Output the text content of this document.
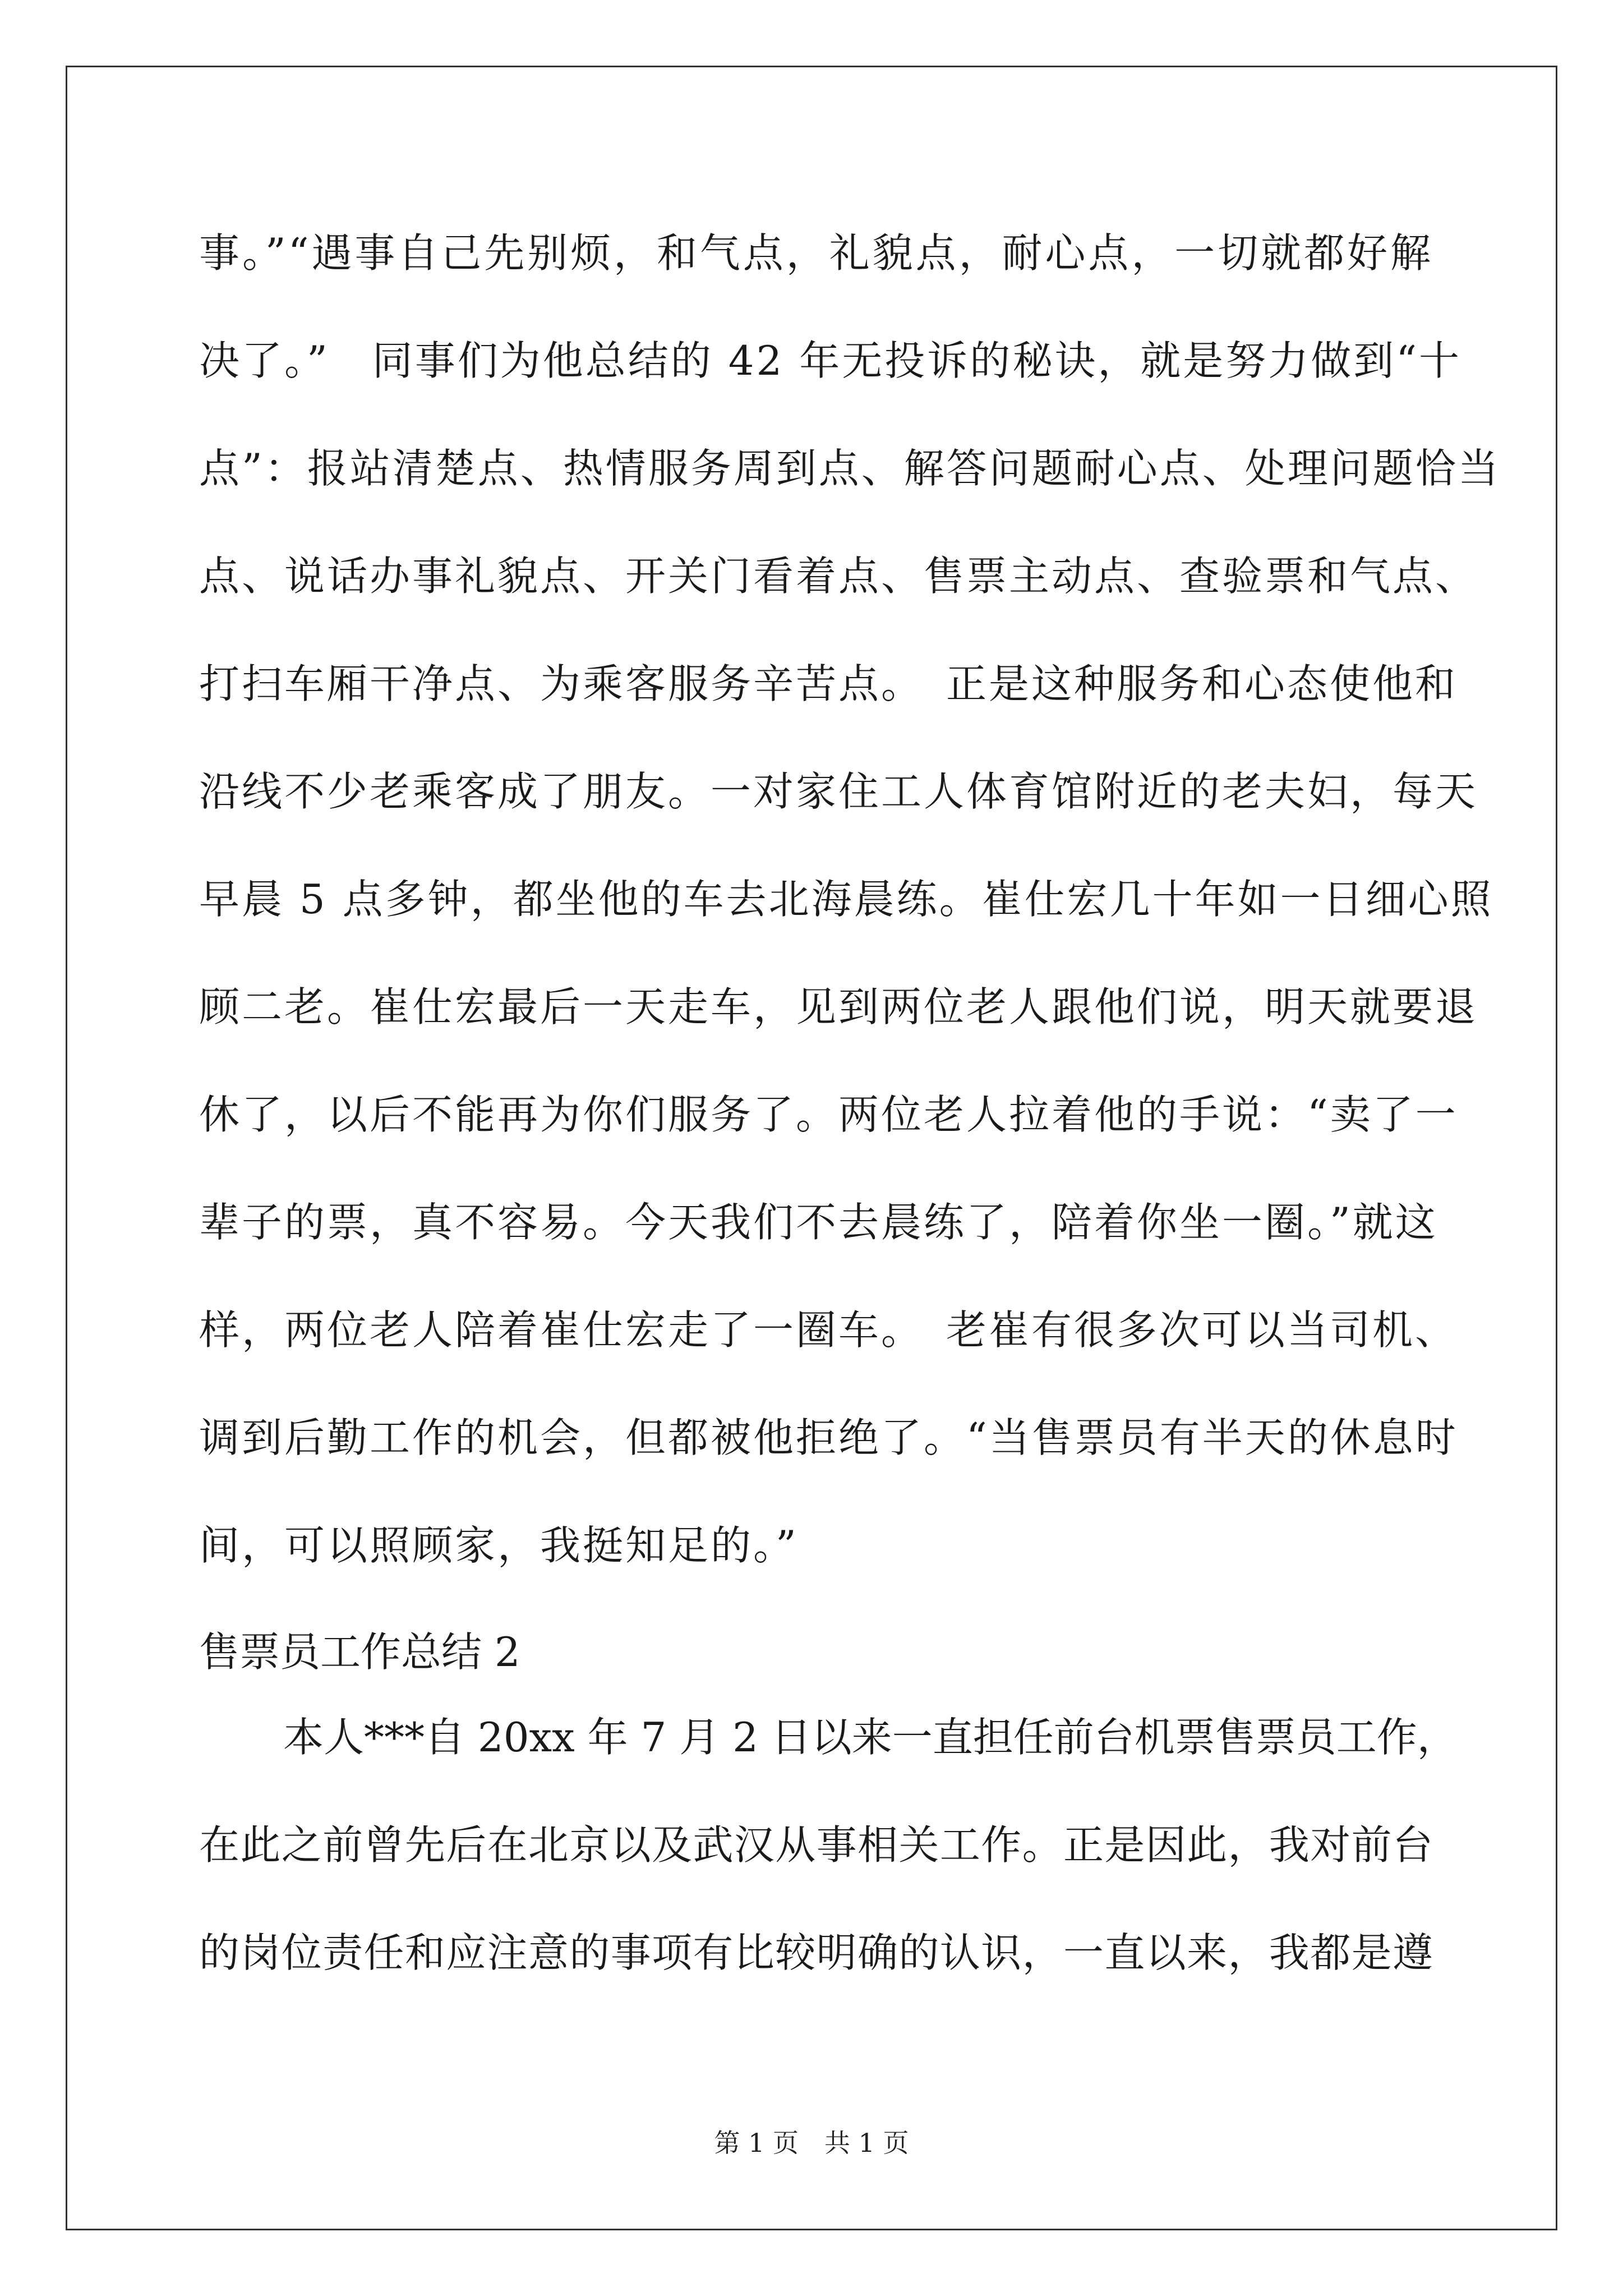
事。”“遇事自己先别烦，和气点，礼貌点，耐心点，一切就都好解
决了。”　同事们为他总结的 42 年无投诉的秘诀，就是努力做到“十
点”：报站清楚点、热情服务周到点、解答问题耐心点、处理问题恰当
点、说话办事礼貌点、开关门看着点、售票主动点、查验票和气点、
打扫车厢干净点、为乘客服务辛苦点。　正是这种服务和心态使他和
沿线不少老乘客成了朋友。一对家住工人体育馆附近的老夫妇，每天
早晨 5 点多钟，都坐他的车去北海晨练。崔仕宏几十年如一日细心照
顾二老。崔仕宏最后一天走车，见到两位老人跟他们说，明天就要退
休了，以后不能再为你们服务了。两位老人拉着他的手说：“卖了一
辈子的票，真不容易。今天我们不去晨练了，陪着你坐一圈。”就这
样，两位老人陪着崔仕宏走了一圈车。　老崔有很多次可以当司机、
调到后勤工作的机会，但都被他拒绝了。“当售票员有半天的休息时
间，可以照顾家，我挺知足的。”
售票员工作总结 2
本人***自 20xx 年 7 月 2 日以来一直担任前台机票售票员工作，
在此之前曾先后在北京以及武汉从事相关工作。正是因此，我对前台
的岗位责任和应注意的事项有比较明确的认识，一直以来，我都是遵
第 1 页　共 1 页
